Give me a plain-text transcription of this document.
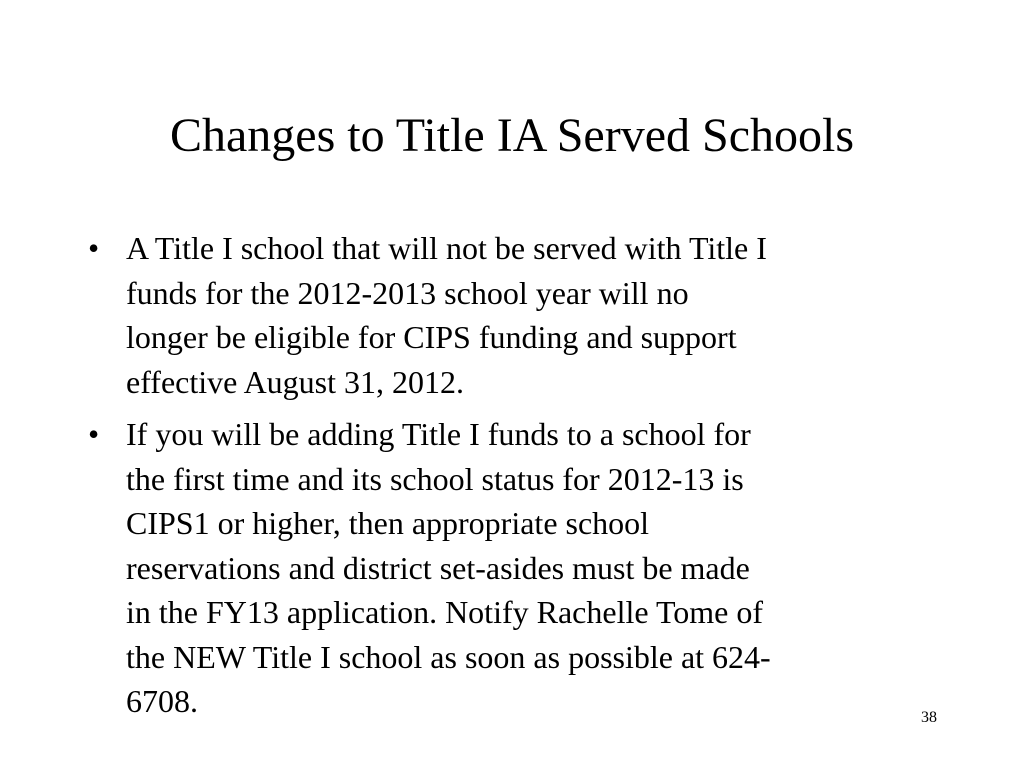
Changes to Title IA Served Schools
• A Title I school that will not be served with Title I
funds for the 2012-2013 school year will no
longer be eligible for CIPS funding and support
effective August 31, 2012.
• If you will be adding Title I funds to a school for
the first time and its school status for 2012-13 is
CIPS1 or higher, then appropriate school
reservations and district set-asides must be made
in the FY13 application. Notify Rachelle Tome of
the NEW Title I school as soon as possible at 624-
6708.	38
